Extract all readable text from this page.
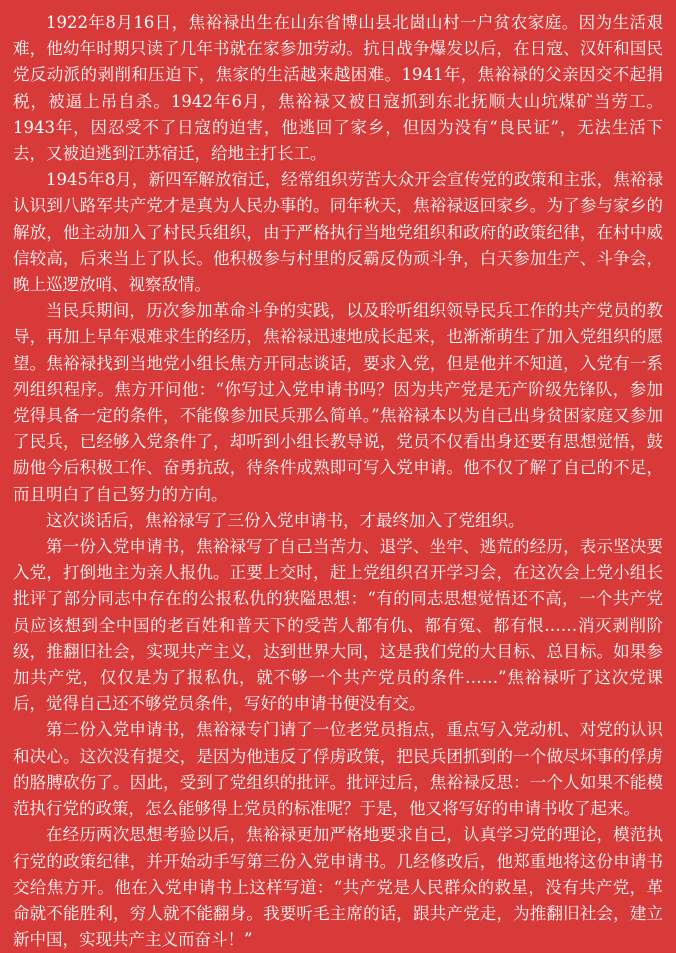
1922年8月16日，焦裕禄出生在山东省博山县北崮山村一户贫农家庭。因为生活艰难，他幼年时期只读了几年书就在家参加劳动。抗日战争爆发以后，在日寇、汉奸和国民党反动派的剥削和压迫下，焦家的生活越来越困难。1941年，焦裕禄的父亲因交不起捐税，被逼上吊自杀。1942年6月，焦裕禄又被日寇抓到东北抚顺大山坑煤矿当劳工。1943年，因忍受不了日寇的迫害，他逃回了家乡，但因为没有“良民证”，无法生活下去，又被迫逃到江苏宿迁，给地主打长工。

1945年8月，新四军解放宿迁，经常组织劳苦大众开会宣传党的政策和主张，焦裕禄认识到八路军共产党才是真为人民办事的。同年秋天，焦裕禄返回家乡。为了参与家乡的解放，他主动加入了村民兵组织，由于严格执行当地党组织和政府的政策纪律，在村中威信较高，后来当上了队长。他积极参与村里的反霸反伪顽斗争，白天参加生产、斗争会，晚上巡逻放哨、视察敌情。

当民兵期间，历次参加革命斗争的实践，以及聆听组织领导民兵工作的共产党员的教导，再加上早年艰难求生的经历，焦裕禄迅速地成长起来，也渐渐萌生了加入党组织的愿望。焦裕禄找到当地党小组长焦方开同志谈话，要求入党，但是他并不知道，入党有一系列组织程序。焦方开问他：“你写过入党申请书吗？因为共产党是无产阶级先锋队，参加党得具备一定的条件，不能像参加民兵那么简单。”焦裕禄本以为自己出身贫困家庭又参加了民兵，已经够入党条件了，却听到小组长教导说，党员不仅看出身还要有思想觉悟，鼓励他今后积极工作、奋勇抗敌，待条件成熟即可写入党申请。他不仅了解了自己的不足，而且明白了自己努力的方向。

这次谈话后，焦裕禄写了三份入党申请书，才最终加入了党组织。

第一份入党申请书，焦裕禄写了自己当苦力、退学、坐牢、逃荒的经历，表示坚决要入党，打倒地主为亲人报仇。正要上交时，赶上党组织召开学习会，在这次会上党小组长批评了部分同志中存在的公报私仇的狭隘思想：“有的同志思想觉悟还不高，一个共产党员应该想到全中国的老百姓和普天下的受苦人都有仇、都有冤、都有恨……消灭剥削阶级，推翻旧社会，实现共产主义，达到世界大同，这是我们党的大目标、总目标。如果参加共产党，仅仅是为了报私仇，就不够一个共产党员的条件……”焦裕禄听了这次党课后，觉得自己还不够党员条件，写好的申请书便没有交。

第二份入党申请书，焦裕禄专门请了一位老党员指点，重点写入党动机、对党的认识和决心。这次没有提交，是因为他违反了俘虏政策，把民兵团抓到的一个做尽坏事的俘虏的胳膊砍伤了。因此，受到了党组织的批评。批评过后，焦裕禄反思：一个人如果不能模范执行党的政策，怎么能够得上党员的标准呢？于是，他又将写好的申请书收了起来。

在经历两次思想考验以后，焦裕禄更加严格地要求自己，认真学习党的理论，模范执行党的政策纪律，并开始动手写第三份入党申请书。几经修改后，他郑重地将这份申请书交给焦方开。他在入党申请书上这样写道：“共产党是人民群众的救星，没有共产党，革命就不能胜利，穷人就不能翻身。我要听毛主席的话，跟共产党走，为推翻旧社会，建立新中国，实现共产主义而奋斗！”
